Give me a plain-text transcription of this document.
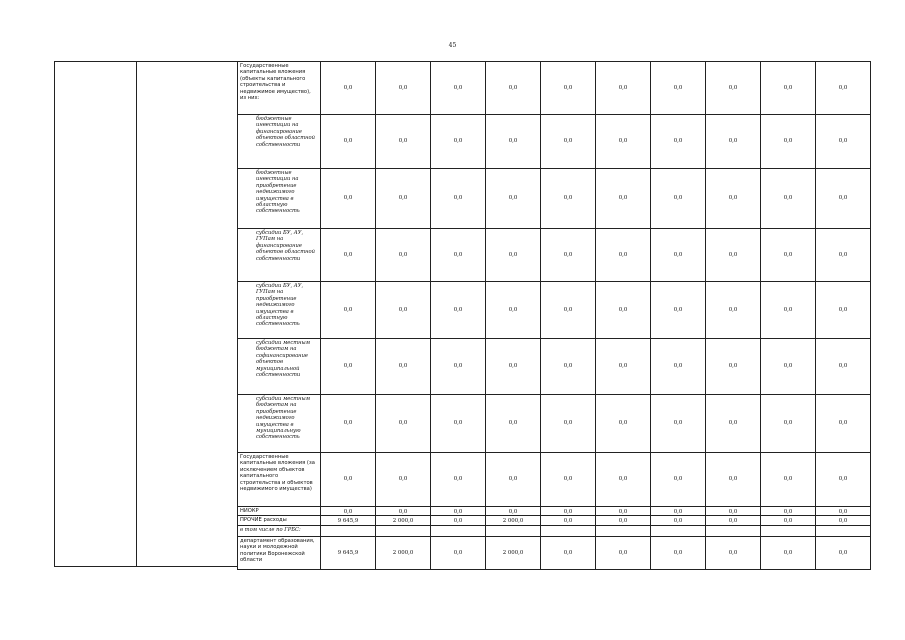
45
Государственные капитальные вложения (объекты капитального строительства и недвижимое имущество), из них:	0,0	0,0	0,0	0,0	0,0	0,0	0,0	0,0	0,0	0,0
бюджетные инвестиции на финансирование объектов областной собственности	0,0	0,0	0,0	0,0	0,0	0,0	0,0	0,0	0,0	0,0
бюджетные инвестиции на приобретение недвижимого имущества в областную собственность	0,0	0,0	0,0	0,0	0,0	0,0	0,0	0,0	0,0	0,0
субсидии БУ, АУ, ГУПам на финансирование объектов областной собственности	0,0	0,0	0,0	0,0	0,0	0,0	0,0	0,0	0,0	0,0
субсидии БУ, АУ, ГУПам на приобретение недвижимого имущества в областную собственность	0,0	0,0	0,0	0,0	0,0	0,0	0,0	0,0	0,0	0,0
субсидии местным бюджетам на софинансирование объектов муниципальной собственности	0,0	0,0	0,0	0,0	0,0	0,0	0,0	0,0	0,0	0,0
субсидии местным бюджетам на приобретение недвижимого имущества в муниципальную собственность	0,0	0,0	0,0	0,0	0,0	0,0	0,0	0,0	0,0	0,0
Государственные капитальные вложения (за исключением объектов капитального строительства и объектов недвижимого имущества)	0,0	0,0	0,0	0,0	0,0	0,0	0,0	0,0	0,0	0,0
НИОКР	0,0	0,0	0,0	0,0	0,0	0,0	0,0	0,0	0,0	0,0
ПРОЧИЕ расходы	9 645,9	2 000,0	0,0	2 000,0	0,0	0,0	0,0	0,0	0,0	0,0
в том числе по ГРБС:										
департамент образования, науки и молодежной политики Воронежской области	9 645,9	2 000,0	0,0	2 000,0	0,0	0,0	0,0	0,0	0,0	0,0
